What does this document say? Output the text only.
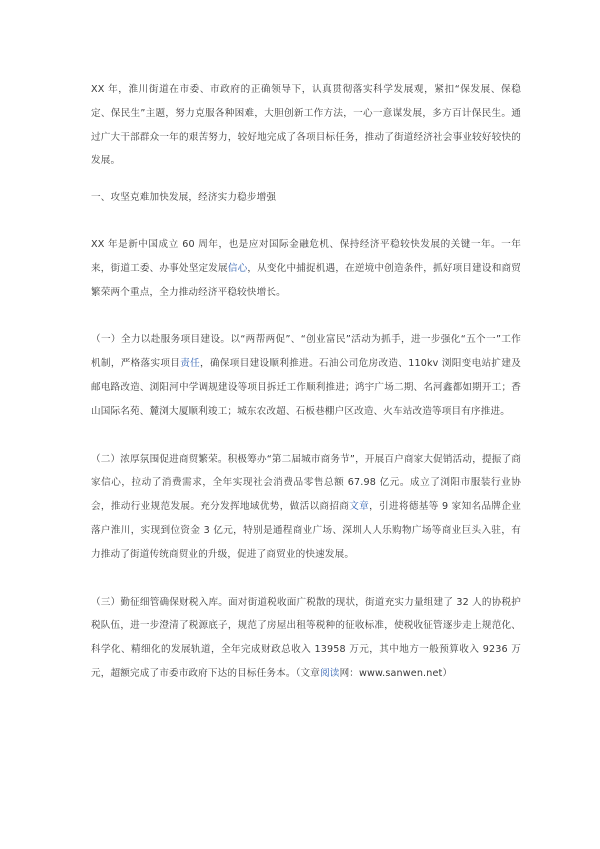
XX 年，淮川街道在市委、市政府的正确领导下，认真贯彻落实科学发展观，紧扣“保发展、保稳定、保民生”主题，努力克服各种困难，大胆创新工作方法，一心一意谋发展，多方百计保民生。通过广大干部群众一年的艰苦努力，较好地完成了各项目标任务，推动了街道经济社会事业较好较快的发展。

一、攻坚克难加快发展，经济实力稳步增强

XX 年是新中国成立 60 周年，也是应对国际金融危机、保持经济平稳较快发展的关键一年。一年来，街道工委、办事处坚定发展信心，从变化中捕捉机遇，在逆境中创造条件，抓好项目建设和商贸繁荣两个重点，全力推动经济平稳较快增长。

（一）全力以赴服务项目建设。以“两帮两促”、“创业富民”活动为抓手，进一步强化“五个一”工作机制，严格落实项目责任，确保项目建设顺利推进。石油公司危房改造、110kv 浏阳变电站扩建及邮电路改造、浏阳河中学调规建设等项目拆迁工作顺利推进；鸿宇广场二期、名河鑫都如期开工；香山国际名苑、麓浏大厦顺利竣工；城东农改超、石板巷棚户区改造、火车站改造等项目有序推进。

（二）浓厚氛围促进商贸繁荣。积极筹办“第二届城市商务节”，开展百户商家大促销活动，提振了商家信心，拉动了消费需求，全年实现社会消费品零售总额 67.98 亿元。成立了浏阳市服装行业协会，推动行业规范发展。充分发挥地域优势，做活以商招商文章，引进将德基等 9 家知名品牌企业落户淮川，实现到位资金 3 亿元，特别是通程商业广场、深圳人人乐购物广场等商业巨头入驻，有力推动了街道传统商贸业的升级，促进了商贸业的快速发展。

（三）勤征细管确保财税入库。面对街道税收面广税散的现状，街道充实力量组建了 32 人的协税护税队伍，进一步澄清了税源底子，规范了房屋出租等税种的征收标准，使税收征管逐步走上规范化、科学化、精细化的发展轨道，全年完成财政总收入 13958 万元，其中地方一般预算收入 9236 万元，超额完成了市委市政府下达的目标任务本。（文章阅读网：www.sanwen.net）
